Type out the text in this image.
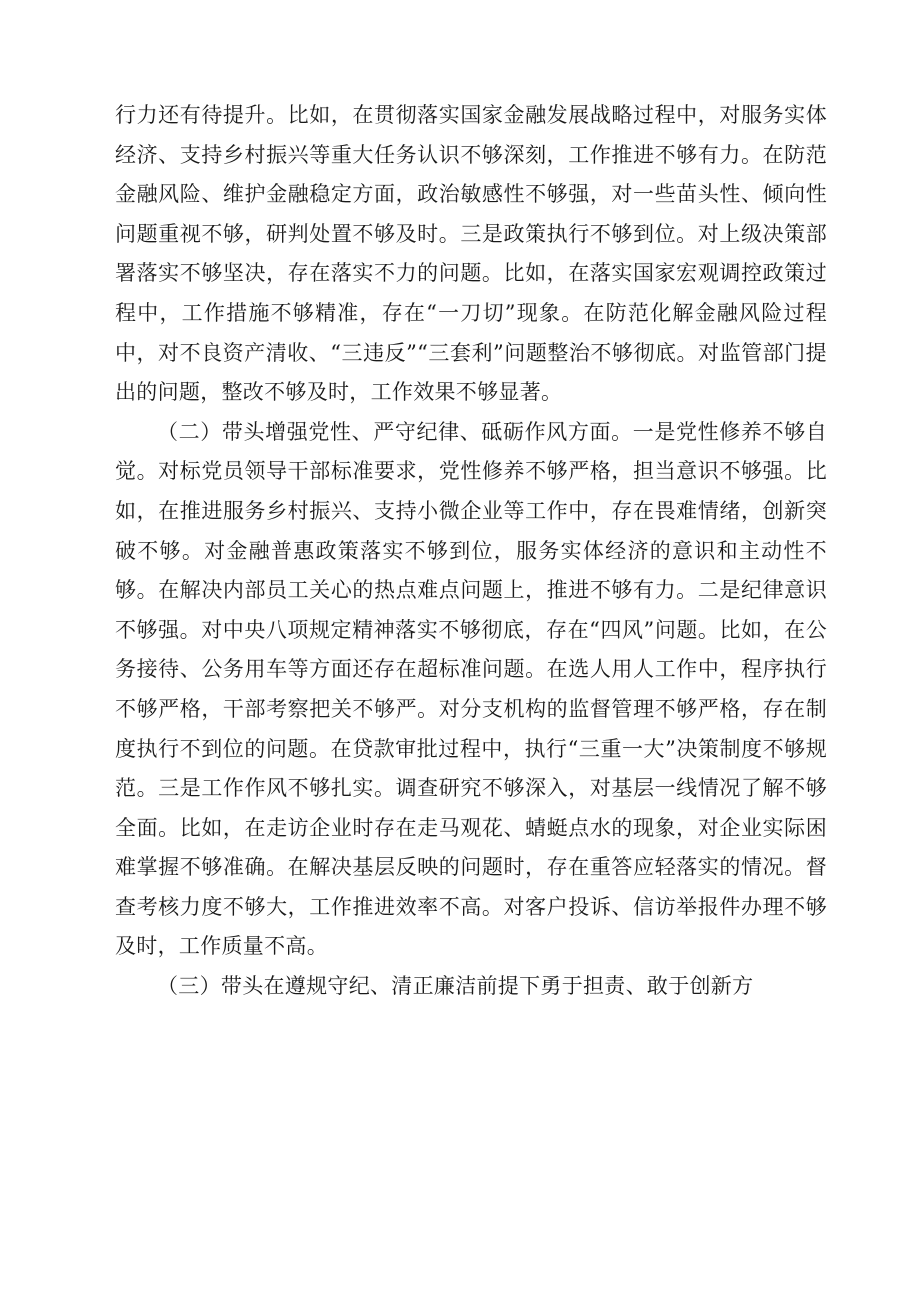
行力还有待提升。比如，在贯彻落实国家金融发展战略过程中，对服务实体经济、支持乡村振兴等重大任务认识不够深刻，工作推进不够有力。在防范金融风险、维护金融稳定方面，政治敏感性不够强，对一些苗头性、倾向性问题重视不够，研判处置不够及时。三是政策执行不够到位。对上级决策部署落实不够坚决，存在落实不力的问题。比如，在落实国家宏观调控政策过程中，工作措施不够精准，存在“一刀切”现象。在防范化解金融风险过程中，对不良资产清收、“三违反”“三套利”问题整治不够彻底。对监管部门提出的问题，整改不够及时，工作效果不够显著。

（二）带头增强党性、严守纪律、砥砺作风方面。一是党性修养不够自觉。对标党员领导干部标准要求，党性修养不够严格，担当意识不够强。比如，在推进服务乡村振兴、支持小微企业等工作中，存在畏难情绪，创新突破不够。对金融普惠政策落实不够到位，服务实体经济的意识和主动性不够。在解决内部员工关心的热点难点问题上，推进不够有力。二是纪律意识不够强。对中央八项规定精神落实不够彻底，存在“四风”问题。比如，在公务接待、公务用车等方面还存在超标准问题。在选人用人工作中，程序执行不够严格，干部考察把关不够严。对分支机构的监督管理不够严格，存在制度执行不到位的问题。在贷款审批过程中，执行“三重一大”决策制度不够规范。三是工作作风不够扎实。调查研究不够深入，对基层一线情况了解不够全面。比如，在走访企业时存在走马观花、蜻蜓点水的现象，对企业实际困难掌握不够准确。在解决基层反映的问题时，存在重答应轻落实的情况。督查考核力度不够大，工作推进效率不高。对客户投诉、信访举报件办理不够及时，工作质量不高。

（三）带头在遵规守纪、清正廉洁前提下勇于担责、敢于创新方
